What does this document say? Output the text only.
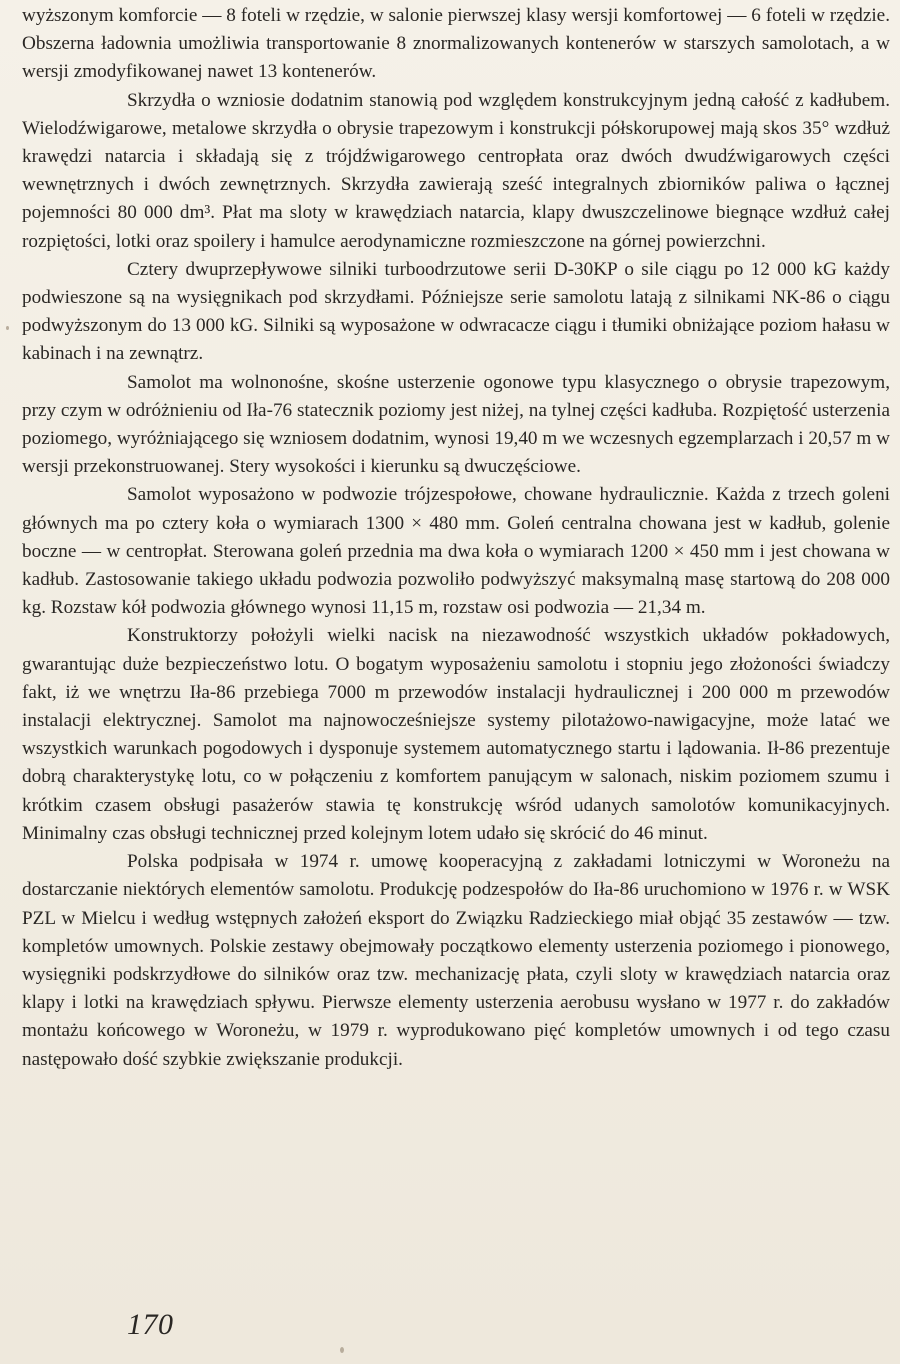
wyższonym komforcie — 8 foteli w rzędzie, w salonie pierwszej klasy wersji komfortowej — 6 foteli w rzędzie. Obszerna ładownia umożliwia transportowanie 8 znormalizowanych kontenerów w starszych samolotach, a w wersji zmodyfikowanej nawet 13 kontenerów.

Skrzydła o wzniosie dodatnim stanowią pod względem konstrukcyjnym jedną całość z kadłubem. Wielodźwigarowe, metalowe skrzydła o obrysie trapezowym i konstrukcji półskorupowej mają skos 35° wzdłuż krawędzi natarcia i składają się z trójdźwigarowego centropłata oraz dwóch dwudźwigarowych części wewnętrznych i dwóch zewnętrznych. Skrzydła zawierają sześć integralnych zbiorników paliwa o łącznej pojemności 80 000 dm³. Płat ma sloty w krawędziach natarcia, klapy dwuszczelinowe biegnące wzdłuż całej rozpiętości, lotki oraz spoilery i hamulce aerodynamiczne rozmieszczone na górnej powierzchni.

Cztery dwuprzepływowe silniki turboodrzutowe serii D-30KP o sile ciągu po 12 000 kG każdy podwieszone są na wysięgnikach pod skrzydłami. Późniejsze serie samolotu latają z silnikami NK-86 o ciągu podwyższonym do 13 000 kG. Silniki są wyposażone w odwracacze ciągu i tłumiki obniżające poziom hałasu w kabinach i na zewnątrz.

Samolot ma wolnonośne, skośne usterzenie ogonowe typu klasycznego o obrysie trapezowym, przy czym w odróżnieniu od Iła-76 statecznik poziomy jest niżej, na tylnej części kadłuba. Rozpiętość usterzenia poziomego, wyróżniającego się wzniosem dodatnim, wynosi 19,40 m we wczesnych egzemplarzach i 20,57 m w wersji przekonstruowanej. Stery wysokości i kierunku są dwuczęściowe.

Samolot wyposażono w podwozie trójzespołowe, chowane hydraulicznie. Każda z trzech goleni głównych ma po cztery koła o wymiarach 1300 × 480 mm. Goleń centralna chowana jest w kadłub, golenie boczne — w centropłat. Sterowana goleń przednia ma dwa koła o wymiarach 1200 × 450 mm i jest chowana w kadłub. Zastosowanie takiego układu podwozia pozwoliło podwyższyć maksymalną masę startową do 208 000 kg. Rozstaw kół podwozia głównego wynosi 11,15 m, rozstaw osi podwozia — 21,34 m.

Konstruktorzy położyli wielki nacisk na niezawodność wszystkich układów pokładowych, gwarantując duże bezpieczeństwo lotu. O bogatym wyposażeniu samolotu i stopniu jego złożoności świadczy fakt, iż we wnętrzu Iła-86 przebiega 7000 m przewodów instalacji hydraulicznej i 200 000 m przewodów instalacji elektrycznej. Samolot ma najnowocześniejsze systemy pilotażowo-nawigacyjne, może latać we wszystkich warunkach pogodowych i dysponuje systemem automatycznego startu i lądowania. Ił-86 prezentuje dobrą charakterystykę lotu, co w połączeniu z komfortem panującym w salonach, niskim poziomem szumu i krótkim czasem obsługi pasażerów stawia tę konstrukcję wśród udanych samolotów komunikacyjnych. Minimalny czas obsługi technicznej przed kolejnym lotem udało się skrócić do 46 minut.

Polska podpisała w 1974 r. umowę kooperacyjną z zakładami lotniczymi w Woroneżu na dostarczanie niektórych elementów samolotu. Produkcję podzespołów do Iła-86 uruchomiono w 1976 r. w WSK PZL w Mielcu i według wstępnych założeń eksport do Związku Radzieckiego miał objąć 35 zestawów — tzw. kompletów umownych. Polskie zestawy obejmowały początkowo elementy usterzenia poziomego i pionowego, wysięgniki podskrzydłowe do silników oraz tzw. mechanizację płata, czyli sloty w krawędziach natarcia oraz klapy i lotki na krawędziach spływu. Pierwsze elementy usterzenia aerobusu wysłano w 1977 r. do zakładów montażu końcowego w Woroneżu, w 1979 r. wyprodukowano pięć kompletów umownych i od tego czasu następowało dość szybkie zwiększanie produkcji.

170
